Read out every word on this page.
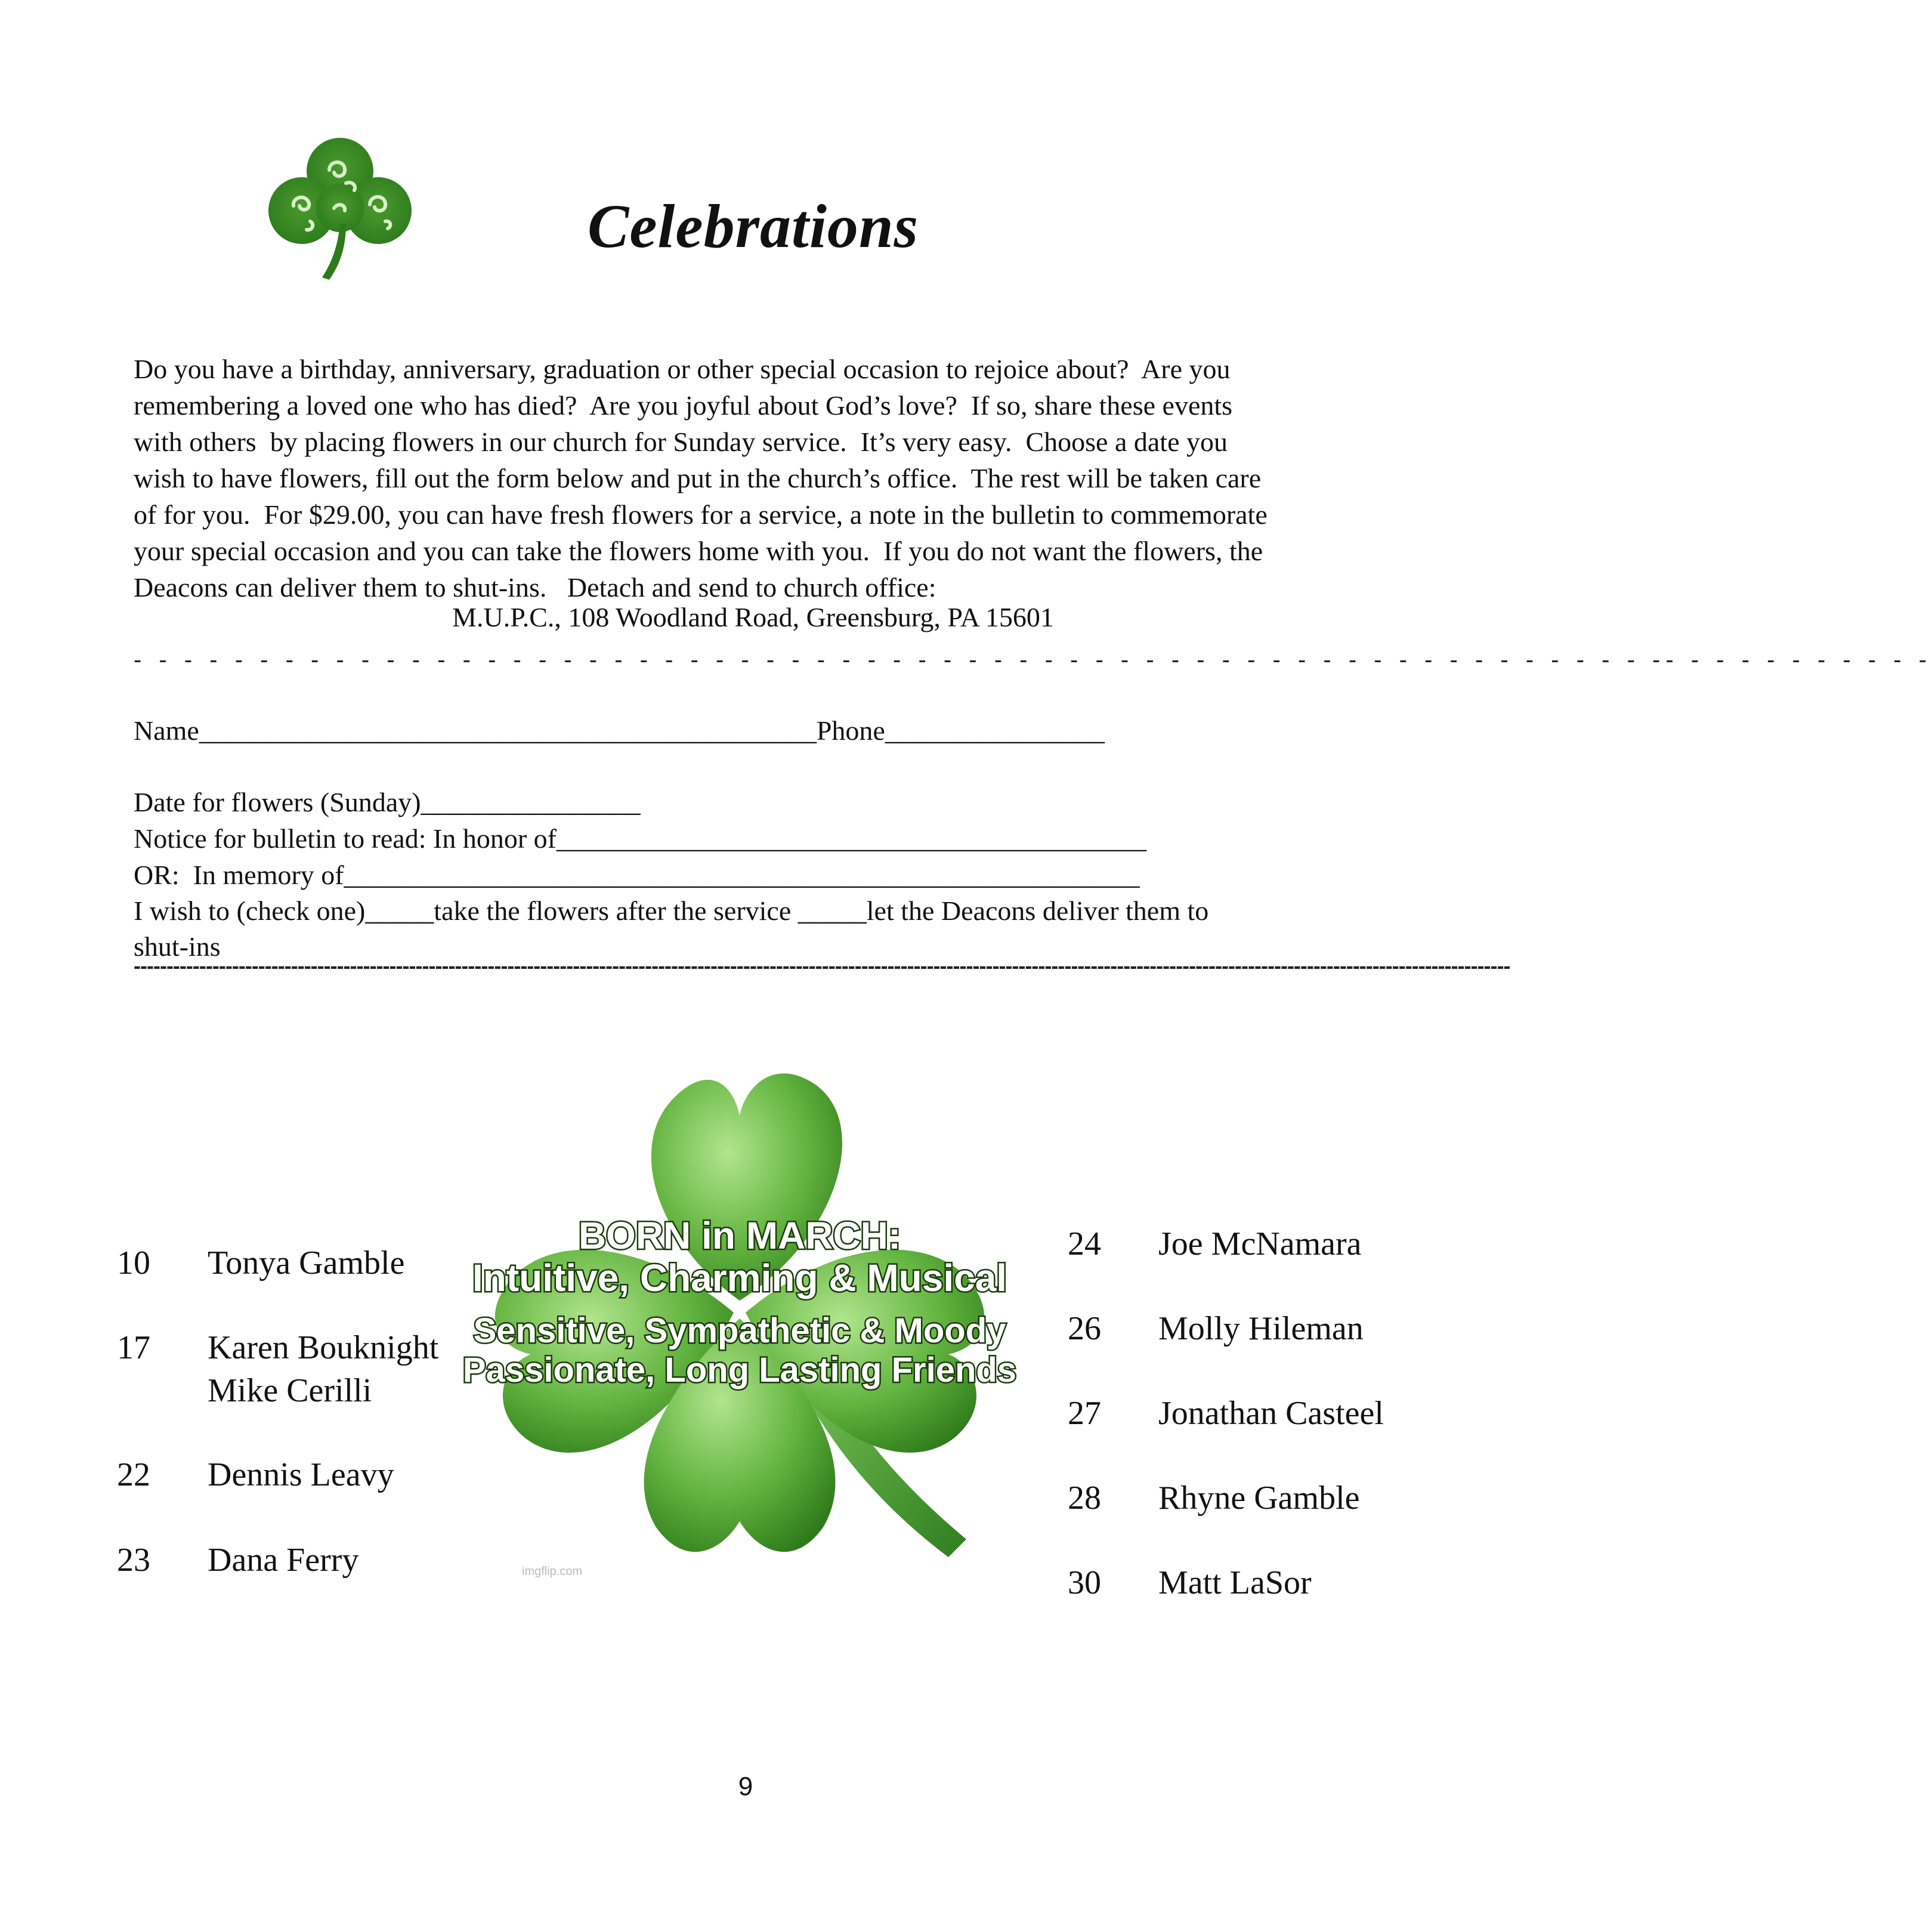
Celebrations
Do you have a birthday, anniversary, graduation or other special occasion to rejoice about?  Are you
remembering a loved one who has died?  Are you joyful about God’s love?  If so, share these events
with others  by placing flowers in our church for Sunday service.  It’s very easy.  Choose a date you
wish to have flowers, fill out the form below and put in the church’s office.  The rest will be taken care
of for you.  For $29.00, you can have fresh flowers for a service, a note in the bulletin to commemorate
your special occasion and you can take the flowers home with you.  If you do not want the flowers, the
Deacons can deliver them to shut-ins.   Detach and send to church office:
M.U.P.C., 108 Woodland Road, Greensburg, PA 15601
- - - - - - - - - - - - - - - - - - - - - - - - - - - - - - - - - - - - - - - - - - - - - - - - - - - - - - - - - - - - -- - - - - - - - - - -
Name_____________________________________________Phone________________
Date for flowers (Sunday)________________
Notice for bulletin to read: In honor of___________________________________________
OR:  In memory of__________________________________________________________
I wish to (check one)_____take the flowers after the service _____let the Deacons deliver them to
shut-ins
------------------------------------------------------------------------------------------------------------------------------------------------------------------------------------------------------------------
BORN in MARCH:
Intuitive, Charming & Musical
Sensitive, Sympathetic & Moody
Passionate, Long Lasting Friends
imgflip.com
10 Tonya Gamble
17 Karen Bouknight
Mike Cerilli
22 Dennis Leavy
23 Dana Ferry
24 Joe McNamara
26 Molly Hileman
27 Jonathan Casteel
28 Rhyne Gamble
30 Matt LaSor
9
